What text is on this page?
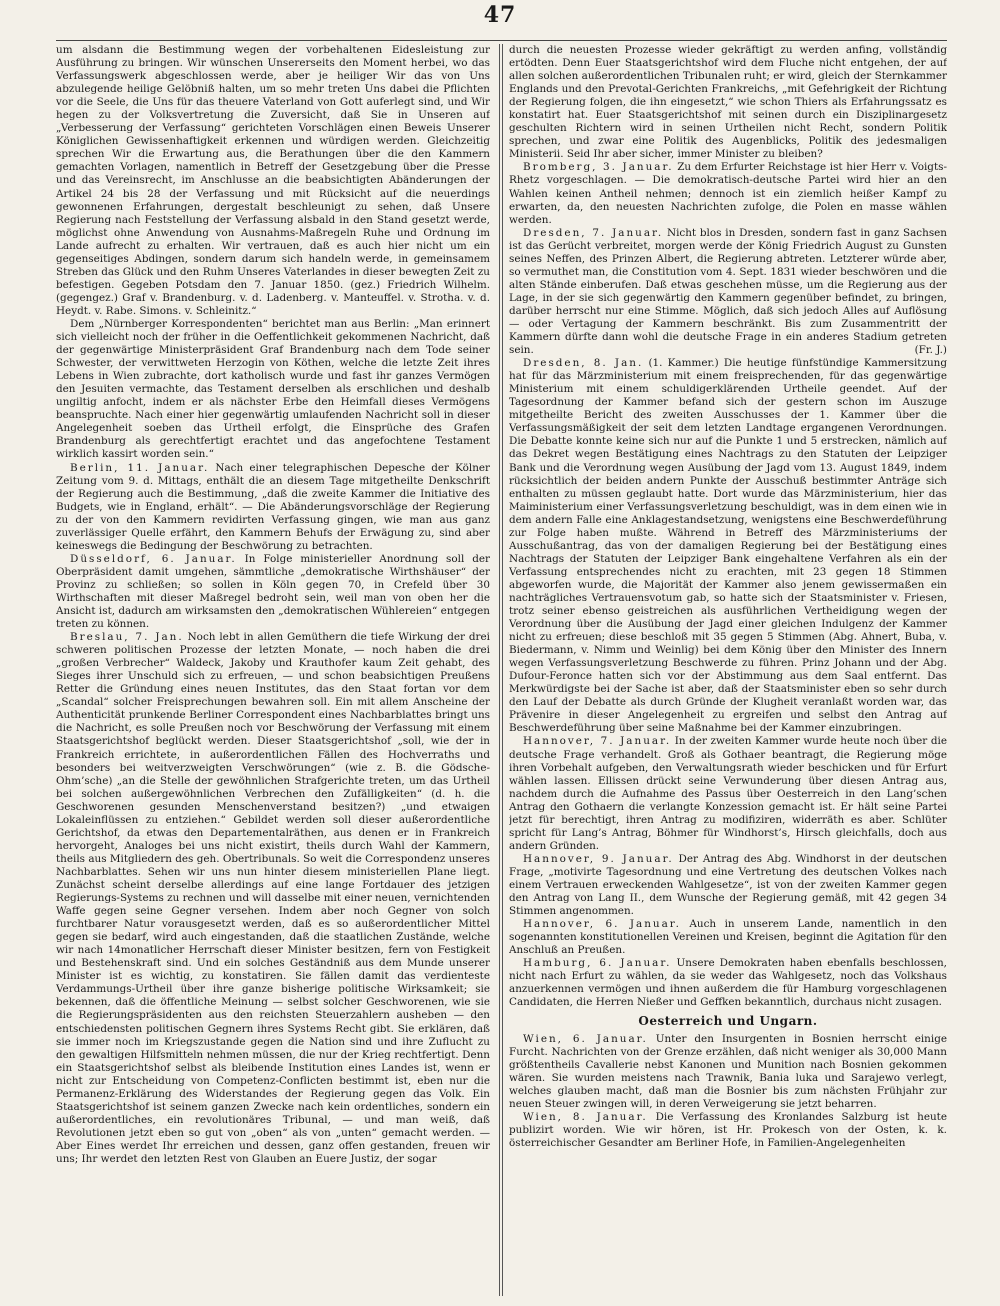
47

um alsdann die Bestimmung wegen der vorbehaltenen Eidesleistung zur Ausführung zu bringen. Wir wünschen Unsererseits den Moment herbei, wo das Verfassungswerk abgeschlossen werde, aber je heiliger Wir das von Uns abzulegende heilige Gelöbniß halten, um so mehr treten Uns dabei die Pflichten vor die Seele, die Uns für das theuere Vaterland von Gott auferlegt sind, und Wir hegen zu der Volksvertretung die Zuversicht, daß Sie in Unseren auf „Verbesserung der Verfassung“ gerichteten Vorschlägen einen Beweis Unserer Königlichen Gewissenhaftigkeit erkennen und würdigen werden. Gleichzeitig sprechen Wir die Erwartung aus, die Berathungen über die den Kammern gemachten Vorlagen, namentlich in Betreff der Gesetzgebung über die Presse und das Vereinsrecht, im Anschlusse an die beabsichtigten Abänderungen der Artikel 24 bis 28 der Verfassung und mit Rücksicht auf die neuerdings gewonnenen Erfahrungen, dergestalt beschleunigt zu sehen, daß Unsere Regierung nach Feststellung der Verfassung alsbald in den Stand gesetzt werde, möglichst ohne Anwendung von Ausnahms-Maßregeln Ruhe und Ordnung im Lande aufrecht zu erhalten. Wir vertrauen, daß es auch hier nicht um ein gegenseitiges Abdingen, sondern darum sich handeln werde, in gemeinsamem Streben das Glück und den Ruhm Unseres Vaterlandes in dieser bewegten Zeit zu befestigen. Gegeben Potsdam den 7. Januar 1850. (gez.) Friedrich Wilhelm. (gegengez.) Graf v. Brandenburg. v. d. Ladenberg. v. Manteuffel. v. Strotha. v. d. Heydt. v. Rabe. Simons. v. Schleinitz.“

Dem „Nürnberger Korrespondenten“ berichtet man aus Berlin: „Man erinnert sich vielleicht noch der früher in die Oeffentlichkeit gekommenen Nachricht, daß der gegenwärtige Ministerpräsident Graf Brandenburg nach dem Tode seiner Schwester, der verwittweten Herzogin von Köthen, welche die letzte Zeit ihres Lebens in Wien zubrachte, dort katholisch wurde und fast ihr ganzes Vermögen den Jesuiten vermachte, das Testament derselben als erschlichen und deshalb ungiltig anfocht, indem er als nächster Erbe den Heimfall dieses Vermögens beanspruchte. Nach einer hier gegenwärtig umlaufenden Nachricht soll in dieser Angelegenheit soeben das Urtheil erfolgt, die Einsprüche des Grafen Brandenburg als gerechtfertigt erachtet und das angefochtene Testament wirklich kassirt worden sein.“

Berlin, 11. Januar. Nach einer telegraphischen Depesche der Kölner Zeitung vom 9. d. Mittags, enthält die an diesem Tage mitgetheilte Denkschrift der Regierung auch die Bestimmung, „daß die zweite Kammer die Initiative des Budgets, wie in England, erhält“. — Die Abänderungsvorschläge der Regierung zu der von den Kammern revidirten Verfassung gingen, wie man aus ganz zuverlässiger Quelle erfährt, den Kammern Behufs der Erwägung zu, sind aber keineswegs die Bedingung der Beschwörung zu betrachten.

Düsseldorf, 6. Januar. In Folge ministerieller Anordnung soll der Oberpräsident damit umgehen, sämmtliche „demokratische Wirthshäuser“ der Provinz zu schließen; so sollen in Köln gegen 70, in Crefeld über 30 Wirthschaften mit dieser Maßregel bedroht sein, weil man von oben her die Ansicht ist, dadurch am wirksamsten den „demokratischen Wühlereien“ entgegen treten zu können.

Breslau, 7. Jan. Noch lebt in allen Gemüthern die tiefe Wirkung der drei schweren politischen Prozesse der letzten Monate, — noch haben die drei „großen Verbrecher“ Waldeck, Jakoby und Krauthofer kaum Zeit gehabt, des Sieges ihrer Unschuld sich zu erfreuen, — und schon beabsichtigen Preußens Retter die Gründung eines neuen Institutes, das den Staat fortan vor dem „Scandal“ solcher Freisprechungen bewahren soll. Ein mit allem Anscheine der Authenticität prunkende Berliner Correspondent eines Nachbarblattes bringt uns die Nachricht, es solle Preußen noch vor Beschwörung der Verfassung mit einem Staatsgerichtshof beglückt werden. Dieser Staatsgerichtshof „soll, wie der in Frankreich errichtete, in außerordentlichen Fällen des Hochverraths und besonders bei weitverzweigten Verschwörungen“ (wie z. B. die Gödsche-Ohm’sche) „an die Stelle der gewöhnlichen Strafgerichte treten, um das Urtheil bei solchen außergewöhnlichen Verbrechen den Zufälligkeiten“ (d. h. die Geschworenen gesunden Menschenverstand besitzen?) „und etwaigen Lokaleinflüssen zu entziehen.“ Gebildet werden soll dieser außerordentliche Gerichtshof, da etwas den Departementalräthen, aus denen er in Frankreich hervorgeht, Analoges bei uns nicht existirt, theils durch Wahl der Kammern, theils aus Mitgliedern des geh. Obertribunals. So weit die Correspondenz unseres Nachbarblattes. Sehen wir uns nun hinter diesem ministeriellen Plane liegt. Zunächst scheint derselbe allerdings auf eine lange Fortdauer des jetzigen Regierungs-Systems zu rechnen und will dasselbe mit einer neuen, vernichtenden Waffe gegen seine Gegner versehen. Indem aber noch Gegner von solch furchtbarer Natur vorausgesetzt werden, daß es so außerordentlicher Mittel gegen sie bedarf, wird auch eingestanden, daß die staatlichen Zustände, welche wir nach 14monatlicher Herrschaft dieser Minister besitzen, fern von Festigkeit und Bestehenskraft sind. Und ein solches Geständniß aus dem Munde unserer Minister ist es wichtig, zu konstatiren. Sie fällen damit das verdienteste Verdammungs-Urtheil über ihre ganze bisherige politische Wirksamkeit; sie bekennen, daß die öffentliche Meinung — selbst solcher Geschworenen, wie sie die Regierungspräsidenten aus den reichsten Steuerzahlern ausheben — den entschiedensten politischen Gegnern ihres Systems Recht gibt. Sie erklären, daß sie immer noch im Kriegszustande gegen die Nation sind und ihre Zuflucht zu den gewaltigen Hilfsmitteln nehmen müssen, die nur der Krieg rechtfertigt. Denn ein Staatsgerichtshof selbst als bleibende Institution eines Landes ist, wenn er nicht zur Entscheidung von Competenz-Conflicten bestimmt ist, eben nur die Permanenz-Erklärung des Widerstandes der Regierung gegen das Volk. Ein Staatsgerichtshof ist seinem ganzen Zwecke nach kein ordentliches, sondern ein außerordentliches, ein revolutionäres Tribunal, — und man weiß, daß Revolutionen jetzt eben so gut von „oben“ als von „unten“ gemacht werden. — Aber Eines werdet Ihr erreichen und dessen, ganz offen gestanden, freuen wir uns; Ihr werdet den letzten Rest von Glauben an Euere Justiz, der sogar

durch die neuesten Prozesse wieder gekräftigt zu werden anfing, vollständig ertödten. Denn Euer Staatsgerichtshof wird dem Fluche nicht entgehen, der auf allen solchen außerordentlichen Tribunalen ruht; er wird, gleich der Sternkammer Englands und den Prevotal-Gerichten Frankreichs, „mit Gefehrigkeit der Richtung der Regierung folgen, die ihn eingesetzt,“ wie schon Thiers als Erfahrungssatz es konstatirt hat. Euer Staatsgerichtshof mit seinen durch ein Disziplinargesetz geschulten Richtern wird in seinen Urtheilen nicht Recht, sondern Politik sprechen, und zwar eine Politik des Augenblicks, Politik des jedesmaligen Ministerii. Seid Ihr aber sicher, immer Minister zu bleiben?

Bromberg, 3. Januar. Zu dem Erfurter Reichstage ist hier Herr v. Voigts-Rhetz vorgeschlagen. — Die demokratisch-deutsche Partei wird hier an den Wahlen keinen Antheil nehmen; dennoch ist ein ziemlich heißer Kampf zu erwarten, da, den neuesten Nachrichten zufolge, die Polen en masse wählen werden.

Dresden, 7. Januar. Nicht blos in Dresden, sondern fast in ganz Sachsen ist das Gerücht verbreitet, morgen werde der König Friedrich August zu Gunsten seines Neffen, des Prinzen Albert, die Regierung abtreten. Letzterer würde aber, so vermuthet man, die Constitution vom 4. Sept. 1831 wieder beschwören und die alten Stände einberufen. Daß etwas geschehen müsse, um die Regierung aus der Lage, in der sie sich gegenwärtig den Kammern gegenüber befindet, zu bringen, darüber herrscht nur eine Stimme. Möglich, daß sich jedoch Alles auf Auflösung — oder Vertagung der Kammern beschränkt. Bis zum Zusammentritt der Kammern dürfte dann wohl die deutsche Frage in ein anderes Stadium getreten sein.	(Fr. J.)

Dresden, 8. Jan. (1. Kammer.) Die heutige fünfstündige Kammersitzung hat für das Märzministerium mit einem freisprechenden, für das gegenwärtige Ministerium mit einem schuldigerklärenden Urtheile geendet. Auf der Tagesordnung der Kammer befand sich der gestern schon im Auszuge mitgetheilte Bericht des zweiten Ausschusses der 1. Kammer über die Verfassungsmäßigkeit der seit dem letzten Landtage ergangenen Verordnungen. Die Debatte konnte keine sich nur auf die Punkte 1 und 5 erstrecken, nämlich auf das Dekret wegen Bestätigung eines Nachtrags zu den Statuten der Leipziger Bank und die Verordnung wegen Ausübung der Jagd vom 13. August 1849, indem rücksichtlich der beiden andern Punkte der Ausschuß bestimmter Anträge sich enthalten zu müssen geglaubt hatte. Dort wurde das Märzministerium, hier das Maiministerium einer Verfassungsverletzung beschuldigt, was in dem einen wie in dem andern Falle eine Anklagestandsetzung, wenigstens eine Beschwerdeführung zur Folge haben mußte. Während in Betreff des Märzministeriums der Ausschußantrag, das von der damaligen Regierung bei der Bestätigung eines Nachtrags der Statuten der Leipziger Bank eingehaltene Verfahren als ein der Verfassung entsprechendes nicht zu erachten, mit 23 gegen 18 Stimmen abgeworfen wurde, die Majorität der Kammer also jenem gewissermaßen ein nachträgliches Vertrauensvotum gab, so hatte sich der Staatsminister v. Friesen, trotz seiner ebenso geistreichen als ausführlichen Vertheidigung wegen der Verordnung über die Ausübung der Jagd einer gleichen Indulgenz der Kammer nicht zu erfreuen; diese beschloß mit 35 gegen 5 Stimmen (Abg. Ahnert, Buba, v. Biedermann, v. Nimm und Weinlig) bei dem König über den Minister des Innern wegen Verfassungsverletzung Beschwerde zu führen. Prinz Johann und der Abg. Dufour-Feronce hatten sich vor der Abstimmung aus dem Saal entfernt. Das Merkwürdigste bei der Sache ist aber, daß der Staatsminister eben so sehr durch den Lauf der Debatte als durch Gründe der Klugheit veranlaßt worden war, das Prävenire in dieser Angelegenheit zu ergreifen und selbst den Antrag auf Beschwerdeführung über seine Maßnahme bei der Kammer einzubringen.

Hannover, 7. Januar. In der zweiten Kammer wurde heute noch über die deutsche Frage verhandelt. Groß als Gothaer beantragt, die Regierung möge ihren Vorbehalt aufgeben, den Verwaltungsrath wieder beschicken und für Erfurt wählen lassen. Ellissen drückt seine Verwunderung über diesen Antrag aus, nachdem durch die Aufnahme des Passus über Oesterreich in den Lang’schen Antrag den Gothaern die verlangte Konzession gemacht ist. Er hält seine Partei jetzt für berechtigt, ihren Antrag zu modifiziren, widerräth es aber. Schlüter spricht für Lang’s Antrag, Böhmer für Windhorst’s, Hirsch gleichfalls, doch aus andern Gründen.

Hannover, 9. Januar. Der Antrag des Abg. Windhorst in der deutschen Frage, „motivirte Tagesordnung und eine Vertretung des deutschen Volkes nach einem Vertrauen erweckenden Wahlgesetze“, ist von der zweiten Kammer gegen den Antrag von Lang II., dem Wunsche der Regierung gemäß, mit 42 gegen 34 Stimmen angenommen.

Hannover, 6. Januar. Auch in unserem Lande, namentlich in den sogenannten konstitutionellen Vereinen und Kreisen, beginnt die Agitation für den Anschluß an Preußen.

Hamburg, 6. Januar. Unsere Demokraten haben ebenfalls beschlossen, nicht nach Erfurt zu wählen, da sie weder das Wahlgesetz, noch das Volkshaus anzuerkennen vermögen und ihnen außerdem die für Hamburg vorgeschlagenen Candidaten, die Herren Nießer und Geffken bekanntlich, durchaus nicht zusagen.

Oesterreich und Ungarn.

Wien, 6. Januar. Unter den Insurgenten in Bosnien herrscht einige Furcht. Nachrichten von der Grenze erzählen, daß nicht weniger als 30,000 Mann größtentheils Cavallerie nebst Kanonen und Munition nach Bosnien gekommen wären. Sie wurden meistens nach Trawnik, Bania luka und Sarajewo verlegt, welches glauben macht, daß man die Bosnier bis zum nächsten Frühjahr zur neuen Steuer zwingen will, in deren Verweigerung sie jetzt beharren.

Wien, 8. Januar. Die Verfassung des Kronlandes Salzburg ist heute publizirt worden. Wie wir hören, ist Hr. Prokesch von der Osten, k. k. österreichischer Gesandter am Berliner Hofe, in Familien-Angelegenheiten
